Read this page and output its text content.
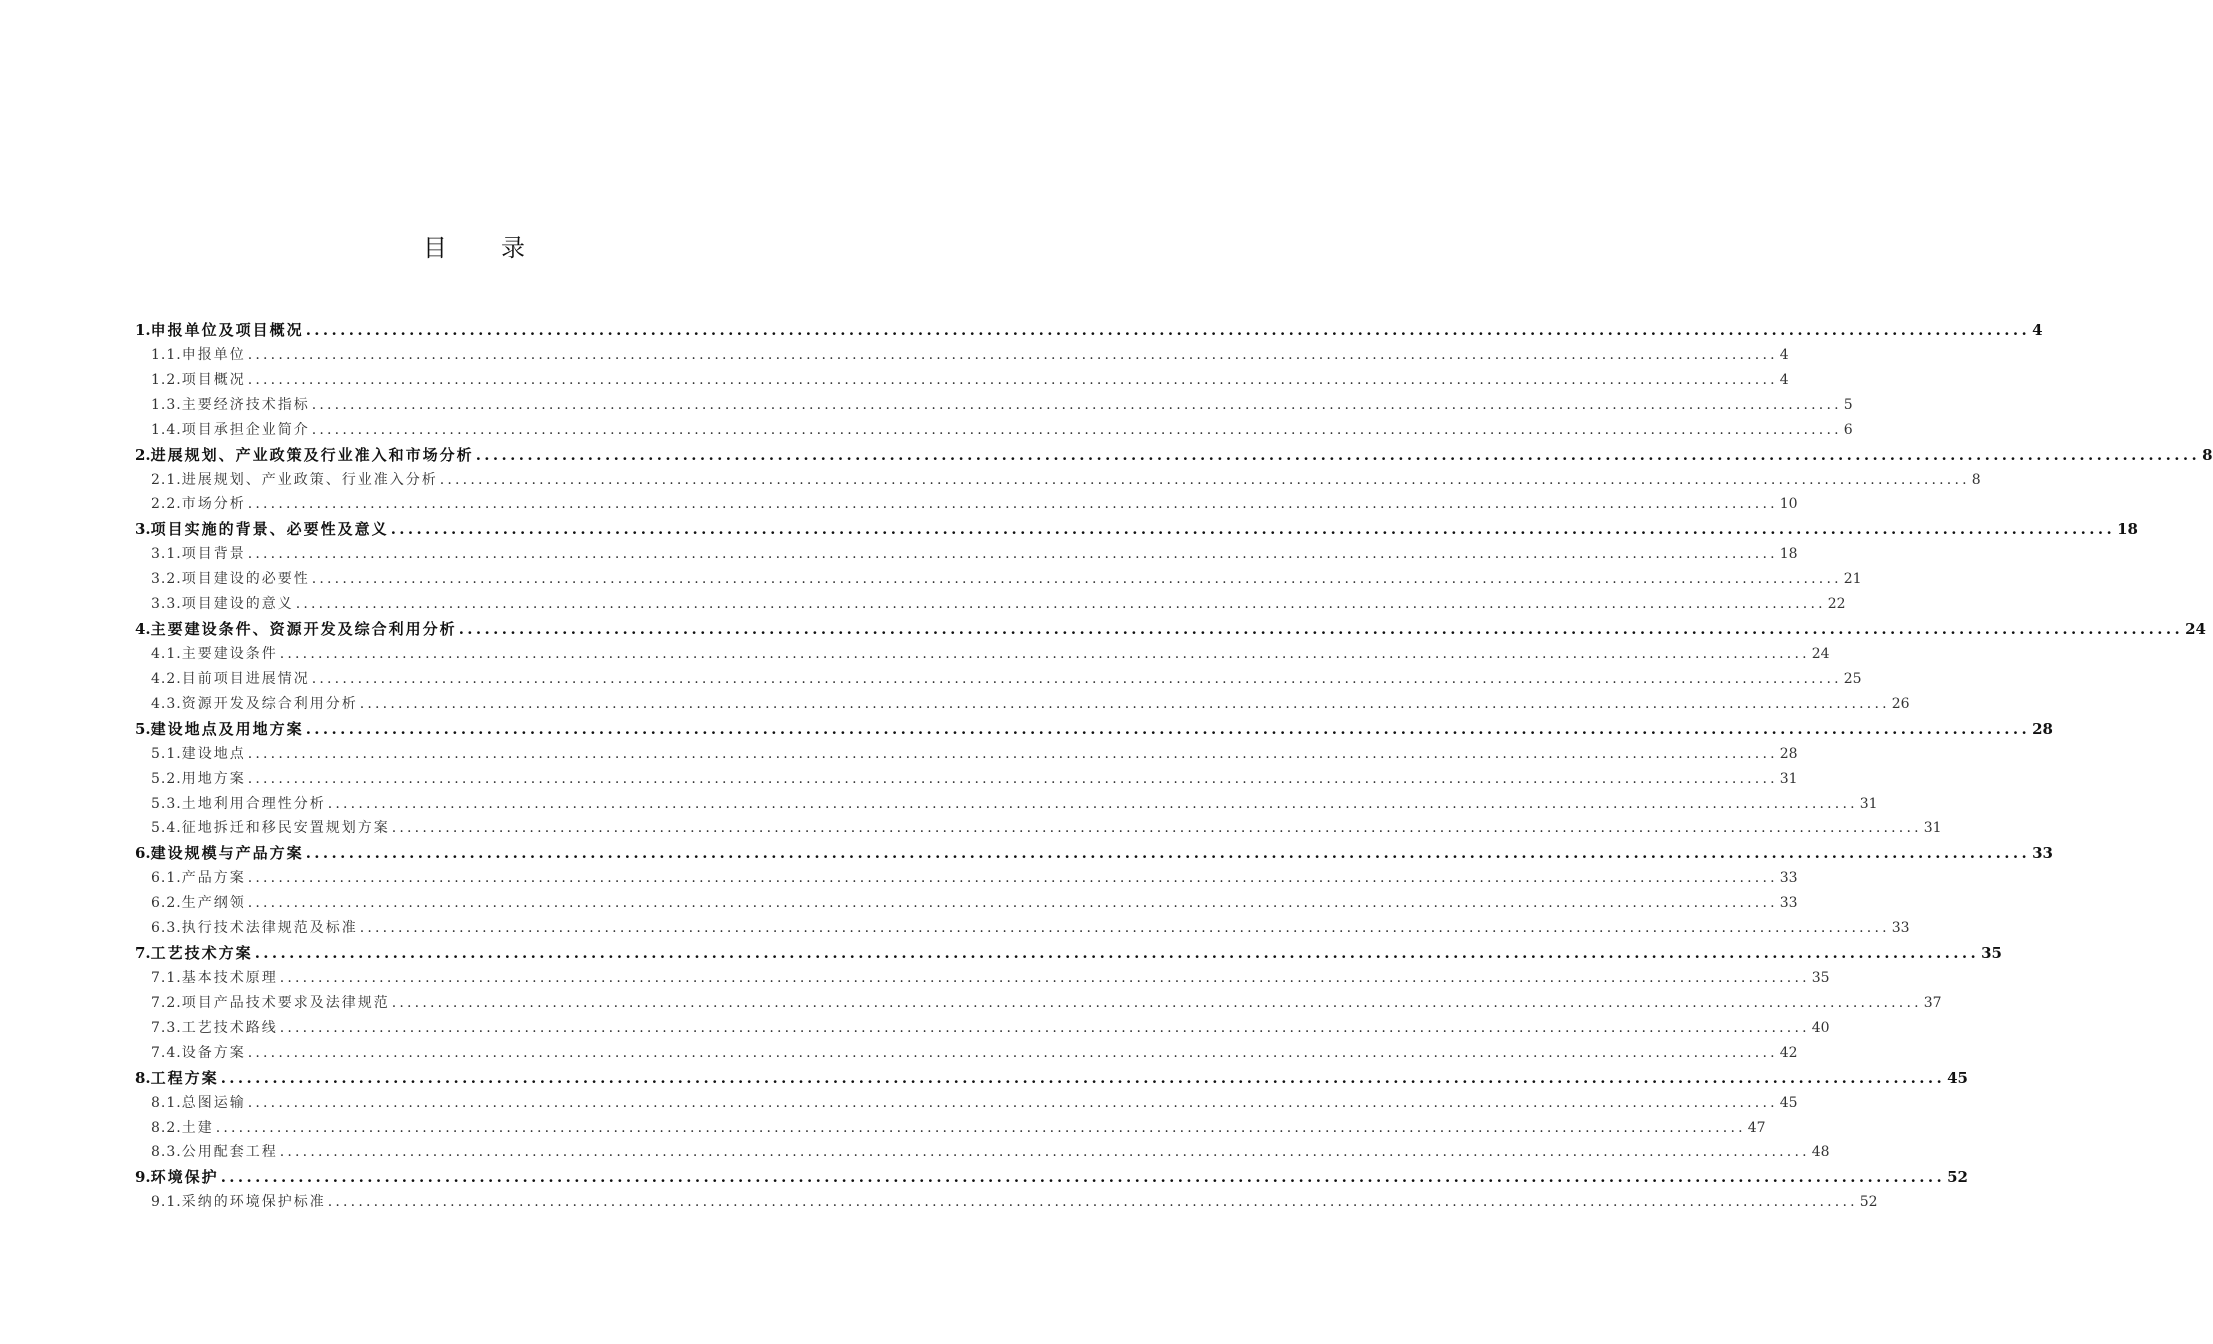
目 录
1. 申报单位及项目概况 ........................................................................................................................................................................................................ 4
1.1. 申报单位 ........................................................................................................................................................................................................ 4
1.2. 项目概况 ........................................................................................................................................................................................................ 4
1.3. 主要经济技术指标 ........................................................................................................................................................................................................ 5
1.4. 项目承担企业简介 ........................................................................................................................................................................................................ 6
2. 进展规划、产业政策及行业准入和市场分析 ........................................................................................................................................................................................................ 8
2.1. 进展规划、产业政策、行业准入分析 ........................................................................................................................................................................................................ 8
2.2. 市场分析 ........................................................................................................................................................................................................ 10
3. 项目实施的背景、必要性及意义 ........................................................................................................................................................................................................ 18
3.1. 项目背景 ........................................................................................................................................................................................................ 18
3.2. 项目建设的必要性 ........................................................................................................................................................................................................ 21
3.3. 项目建设的意义 ........................................................................................................................................................................................................ 22
4. 主要建设条件、资源开发及综合利用分析 ........................................................................................................................................................................................................ 24
4.1. 主要建设条件 ........................................................................................................................................................................................................ 24
4.2. 目前项目进展情况 ........................................................................................................................................................................................................ 25
4.3. 资源开发及综合利用分析 ........................................................................................................................................................................................................ 26
5. 建设地点及用地方案 ........................................................................................................................................................................................................ 28
5.1. 建设地点 ........................................................................................................................................................................................................ 28
5.2. 用地方案 ........................................................................................................................................................................................................ 31
5.3. 土地利用合理性分析 ........................................................................................................................................................................................................ 31
5.4. 征地拆迁和移民安置规划方案 ........................................................................................................................................................................................................ 31
6. 建设规模与产品方案 ........................................................................................................................................................................................................ 33
6.1. 产品方案 ........................................................................................................................................................................................................ 33
6.2. 生产纲领 ........................................................................................................................................................................................................ 33
6.3. 执行技术法律规范及标准 ........................................................................................................................................................................................................ 33
7. 工艺技术方案 ........................................................................................................................................................................................................ 35
7.1. 基本技术原理 ........................................................................................................................................................................................................ 35
7.2. 项目产品技术要求及法律规范 ........................................................................................................................................................................................................ 37
7.3. 工艺技术路线 ........................................................................................................................................................................................................ 40
7.4. 设备方案 ........................................................................................................................................................................................................ 42
8. 工程方案 ........................................................................................................................................................................................................ 45
8.1. 总图运输 ........................................................................................................................................................................................................ 45
8.2. 土建 ........................................................................................................................................................................................................ 47
8.3. 公用配套工程 ........................................................................................................................................................................................................ 48
9. 环境保护 ........................................................................................................................................................................................................ 52
9.1. 采纳的环境保护标准 ........................................................................................................................................................................................................ 52
